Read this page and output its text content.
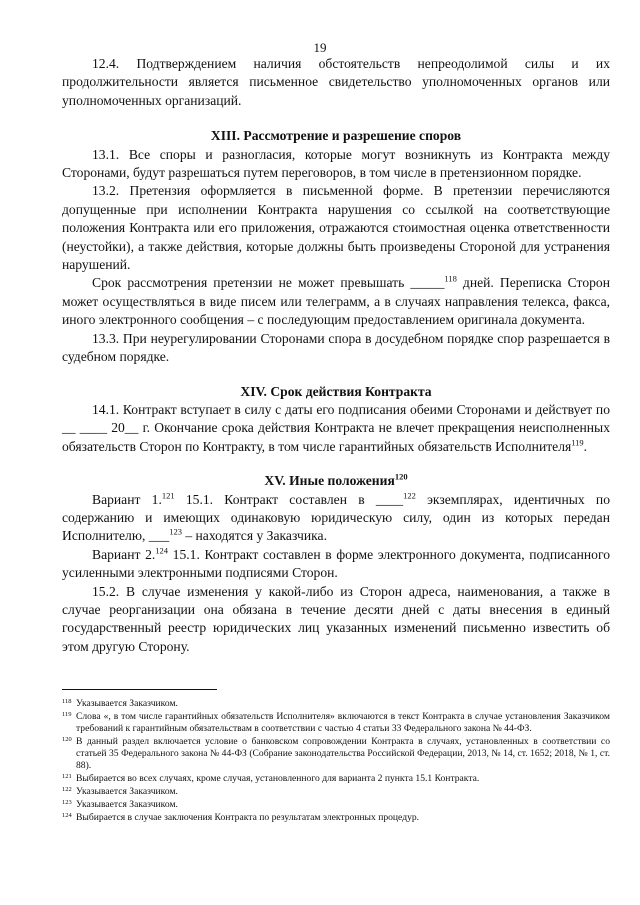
19

12.4. Подтверждением наличия обстоятельств непреодолимой силы и их продолжительности является письменное свидетельство уполномоченных органов или уполномоченных организаций.

XIII. Рассмотрение и разрешение споров

13.1. Все споры и разногласия, которые могут возникнуть из Контракта между Сторонами, будут разрешаться путем переговоров, в том числе в претензионном порядке.

13.2. Претензия оформляется в письменной форме. В претензии перечисляются допущенные при исполнении Контракта нарушения со ссылкой на соответствующие положения Контракта или его приложения, отражаются стоимостная оценка ответственности (неустойки), а также действия, которые должны быть произведены Стороной для устранения нарушений.

Срок рассмотрения претензии не может превышать _____$^{118}$ дней. Переписка Сторон может осуществляться в виде писем или телеграмм, а в случаях направления телекса, факса, иного электронного сообщения – с последующим предоставлением оригинала документа.

13.3. При неурегулировании Сторонами спора в досудебном порядке спор разрешается в судебном порядке.

XIV. Срок действия Контракта

14.1. Контракт вступает в силу с даты его подписания обеими Сторонами и действует по __ ____ 20__ г. Окончание срока действия Контракта не влечет прекращения неисполненных обязательств Сторон по Контракту, в том числе гарантийных обязательств Исполнителя$^{119}$.

XV. Иные положения$^{120}$

Вариант 1.$^{121}$ 15.1. Контракт составлен в ____$^{122}$ экземплярах, идентичных по содержанию и имеющих одинаковую юридическую силу, один из которых передан Исполнителю, ___$^{123}$ – находятся у Заказчика.

Вариант 2.$^{124}$ 15.1. Контракт составлен в форме электронного документа, подписанного усиленными электронными подписями Сторон.

15.2. В случае изменения у какой-либо из Сторон адреса, наименования, а также в случае реорганизации она обязана в течение десяти дней с даты внесения в единый государственный реестр юридических лиц указанных изменений письменно известить об этом другую Сторону.

118 Указывается Заказчиком.
119 Слова «, в том числе гарантийных обязательств Исполнителя» включаются в текст Контракта в случае установления Заказчиком требований к гарантийным обязательствам в соответствии с частью 4 статьи 33 Федерального закона № 44-ФЗ.
120 В данный раздел включается условие о банковском сопровождении Контракта в случаях, установленных в соответствии со статьей 35 Федерального закона № 44-ФЗ (Собрание законодательства Российской Федерации, 2013, № 14, ст. 1652; 2018, № 1, ст. 88).
121 Выбирается во всех случаях, кроме случая, установленного для варианта 2 пункта 15.1 Контракта.
122 Указывается Заказчиком.
123 Указывается Заказчиком.
124 Выбирается в случае заключения Контракта по результатам электронных процедур.
